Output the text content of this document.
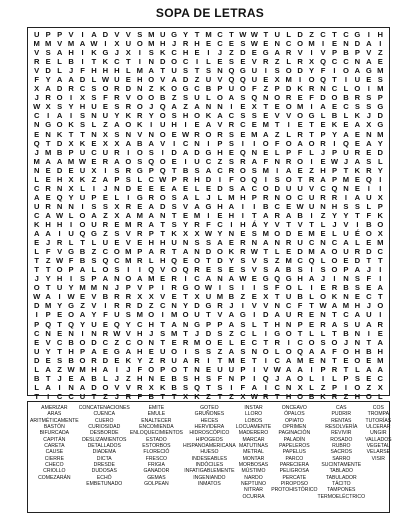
SOPA DE LETRAS
U P P V	I	A D V V S M U G Y T M C T W W T U L D Z C T C G I	H
M M V M A W I	X U O M H J R H E C E S W E N C O M I	E N D A	I
V S A H	I	K G J X	I	S K C H E	I	J Z D E G A R V	I	V P B P V Z
R E L B	I	T K C T	I	N D O C	I	L E S E V R Z L R X Q C C N A E
V D L J F H H H L M A T U S T S N Q G U	I	S O D Y F	I O A G M
F Y A A D L W U E H O V A D Z U V Q Q U E X M I O Q T	I	U E S
X A D R C S O R D N Z K O G C B P U O F Z P D K R N C L O I M
J R O I	X S F R V O O B Z S U L O A S Q N O R E F D O B R S P
W X S Y H U E S R O J Q A Z A N N	I	E X T E O M I	A E C S S G
C	I	A	I	S N U Y K R Y O S H O K A C S S E V V O G L B L K J D
N G O K S L Z A O K	I	U H	I	E A V R C E M T	I	E T E K E A X G
E N K T T N X S N V N O E W R O R S E M A Z L R T P Y A E N M
Q T D X K E X X A B A V	I	C N	I	P S	I	I O F O A O R	I Q E A Y
J M B P U C U R	I O S	I	D A D G H E Q N E L P F L J P U R E D
M A A M W E R A O S Q O E	I	U C Z S R A F N R O I	E W J A S L
N E D E U X	I	S R G P Q T B S A C R O S M I	A E Z H P T K R Y
L E H X K Z A P S L C W P R H D	I	F O Q I	S O T R A P M E Q I
C R N X L	I	J N D E E E A E L E D S A C O D U U V C Q N E	I	I
A E Q Y U P E L	I G R O S A L J L M H P R N O C U R R	I	A U X
U R N N	I	S S X R E A D S V A G H A	I	I	B C E W U N H S S L P
C A W L O A Z X A M A N T E M I	E H	I	T A R A B	I	Z Y Y T F K
K H H	I O U R E M R A T S Y R F C	I	H Á Y V T V T L J V	I	B O
A A	I	U Q G Z S V R P T K X X W Y N E S M O D E M E L U É O X
E J R L T L U E V E H H U N S S A E R N A N R U C N C A L E M
L F V G B Z C O M P A R T A N D O K R W T L E D M A O U R D C
T Z W F B S Q C M R L H Q E O T D Y S V S Z M C Q L O E D T T
T T O P A L O S	I	I Q V O Q R E S E S V S A B S	I	S O P A J	I
J Y H	I	S P A N O A M E R	I	C A N A W E G Q G H A J	I	N S F	I
O T U Y M M N J P V P	I	R G O W I	S	I	I	S F O L	I	E R B S E A
W A	I W E V B R R X X V E T X U M B Z E X T U B L O K N E C T
D M Y G Z V	I	R R D Z C N Y D G R J	I	V V N C F T W A M H J O
I	P E O A Y F U S M O I M O U T V A G I	D A U R E N T C A U	I
P Q T Q Y U E Q Y C H T A N G P P A S L T H N P E R A S U A R
C N E N	I	N R W V H J S M T J D S Z C L	I G O T L L T B N	I	E
E V C B O D C Z C O N T E R M O E L E C T R	I	C O S O J N T A
U Y T H P A E G A H E U O I	S S Z A S N O L O Q A A F O H B H
D E S B O R D E K Y Z R U A R	I	T M E T	I	C A M E N T E O E M
L A Z W M H A	I	J F O P O T N E U U P	I	V W A A	I	P R T L A A
B T J E A B L J Z H N E B S H S F N P	I Q J A O L	I	L P S E C
L A	I	N A D O V V R X K B S Q T S	I	F A	I	C N X L Z P	I O Z X
T	I	C C U T Z J R F B T T X K Z T Z X W R T H O B K R Z H O L
AMERIZAR
ARAS
ARITMÉTICAMENTE
BASTÓN
BIFURCADA
CAPITÁN
CARETA
CAUSE
CIERRE
CHECO
CRIOLLO
COMEZARÁN
CONCATENACIONES
CUENCA
CUERO
CURIOSIDAD
DESBORDE
DESLIZAMIENTOS
DETALLADOS
DIADEMA
DICTA
DRESDE
DUDOSAS
ECHÓ
EMBETUNADO
EMITE
EMULE
ENALTECER
ENCOMIENDA
ENLOQUECIMIENTOS
ESTADO
ESTORBOS
FLORECIÓ
FRESCO
FRIGIA
GANADOR
GEMAS
GOLPEAN
GOTEO
GRUÑONES
HECES
HERVIDERA
HIDROSCÓPICO
HIPOGEOS
HISPANOAMERICANA
HUESO
INDESEABLES
INDÓCILES
INFATIGABLEMENTE
INGENIANDO
INMATOS
INSTAR
LLORO
LOBOS
LOCUAMENTE
MADERERO
MARCAR
MATUTINAS
METRAL
MONTAR
MORBOSAS
MÚSTIMO
NARDO
NEPTUNO
NITRAR
OCURRA
ONCEAVO
ÓPALOS
OPIATO
OPRIMEN
PAGINACIÓN
PALADÍN
PAPELEROS
PAPELUS
PARCO
PARECIERA
PELIGROSA
PERCATE
PIROPOSO
PROTOHISTÓRICO
CAS
PUDRIR
RENTAS
RESOLVERÍA
REVIVIR
ROSADO
RUBRO
SACROS
SARRO
SUCINTAMENTE
TABLADO
TABULADOR
TÁCITO
TAMPONES
TERMOELÉCTRICO
COS
TROMPA
TUTORÍAS
ULCERAR
UNGIR
VALLADOS
VEGETAL
VELARSE
VISIR
